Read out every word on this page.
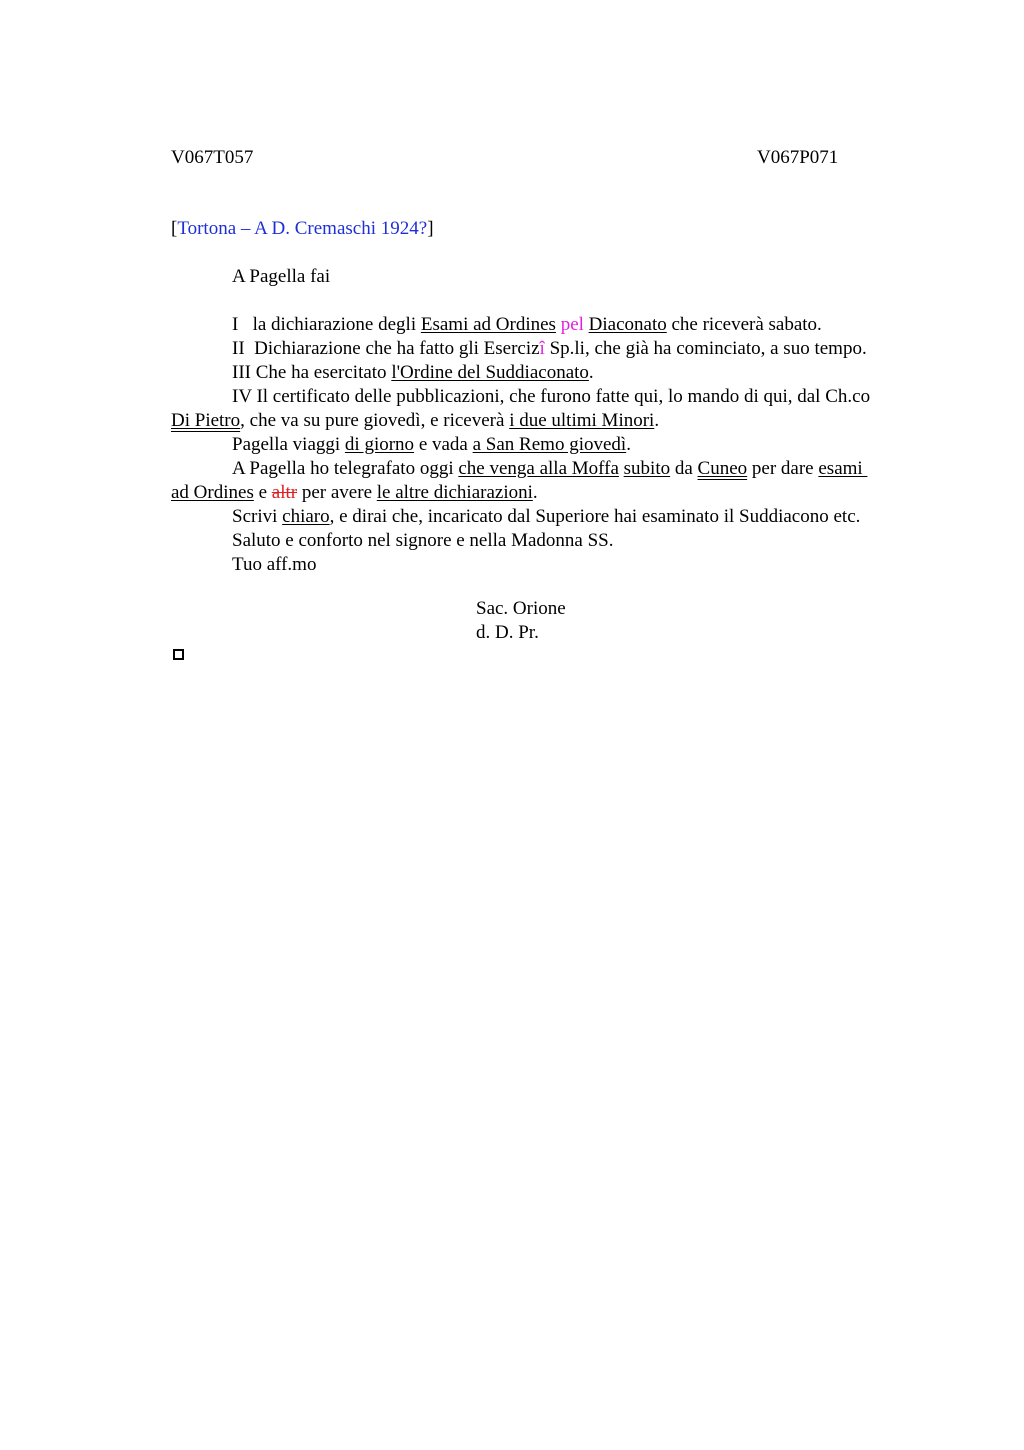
V067T057	V067P071
[Tortona – A D. Cremaschi 1924?]
A Pagella fai
I   la dichiarazione degli Esami ad Ordines pel Diaconato che riceverà sabato.
II  Dichiarazione che ha fatto gli Esercizî Sp.li, che già ha cominciato, a suo tempo.
III Che ha esercitato l'Ordine del Suddiaconato.
IV Il certificato delle pubblicazioni, che furono fatte qui, lo mando di qui, dal Ch.co
Di Pietro, che va su pure giovedì, e riceverà i due ultimi Minori.
Pagella viaggi di giorno e vada a San Remo giovedì.
A Pagella ho telegrafato oggi che venga alla Moffa subito da Cuneo per dare esami
ad Ordines e altr per avere le altre dichiarazioni.
Scrivi chiaro, e dirai che, incaricato dal Superiore hai esaminato il Suddiacono etc.
Saluto e conforto nel signore e nella Madonna SS.
Tuo aff.mo
Sac. Orione
d. D. Pr.
